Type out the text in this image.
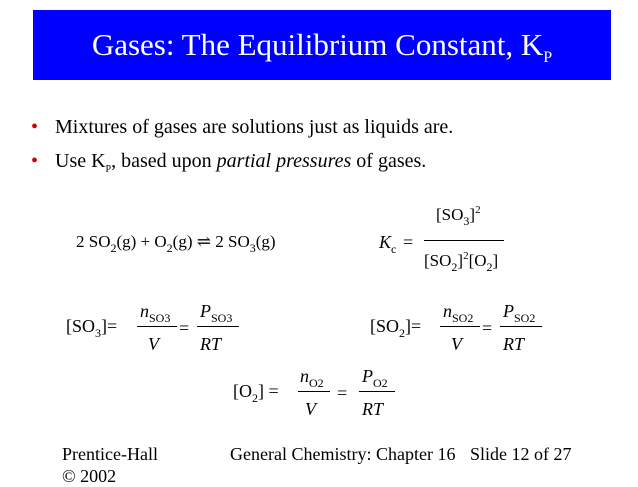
Gases: The Equilibrium Constant, $K_P$
• Mixtures of gases are solutions just as liquids are.
• Use $K_P$, based upon partial pressures of gases.
2 $SO_2(g) + O_2(g)$ ⇌ 2 $SO_3(g)$	$K_c$ =
$[SO_3]^2$
$[SO_2]^2[O_2]$
$[SO_3]=$
$n_{SO3}$
V
=
$P_{SO3}$
RT
$[SO_2]=$
$n_{SO2}$
V
=
$P_{SO2}$
RT
$[O_2]$ =
$n_{O2}$
V
=
$P_{O2}$
RT
Prentice-Hall
© 2002
General Chemistry: Chapter 16 Slide 12 of 27
